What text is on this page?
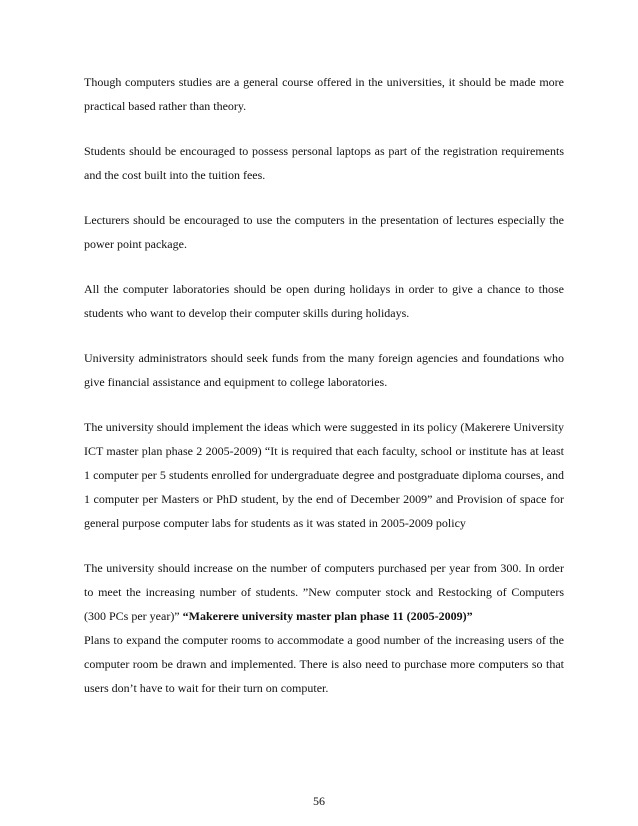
Though computers studies are a general course offered in the universities, it should be made more practical based rather than theory.

Students should be encouraged to possess personal laptops as part of the registration requirements and the cost built into the tuition fees.

Lecturers should be encouraged to use the computers in the presentation of lectures especially the power point package.

All the computer laboratories should be open during holidays in order to give a chance to those students who want to develop their computer skills during holidays.

University administrators should seek funds from the many foreign agencies and foundations who give financial assistance and equipment to college laboratories.

The university should implement the ideas which were suggested in its policy (Makerere University ICT master plan phase 2 2005-2009) “It is required that each faculty, school or institute has at least 1 computer per 5 students enrolled for undergraduate degree and postgraduate diploma courses, and 1 computer per Masters or PhD student, by the end of December 2009” and Provision of space for general purpose computer labs for students as it was stated in 2005-2009 policy

The university should increase on the number of computers purchased per year from 300. In order to meet the increasing number of students. ”New computer stock and Restocking of Computers (300 PCs per year)” “Makerere university master plan phase 11 (2005-2009)”

Plans to expand the computer rooms to accommodate a good number of the increasing users of the computer room be drawn and implemented. There is also need to purchase more computers so that users don’t have to wait for their turn on computer.

56
